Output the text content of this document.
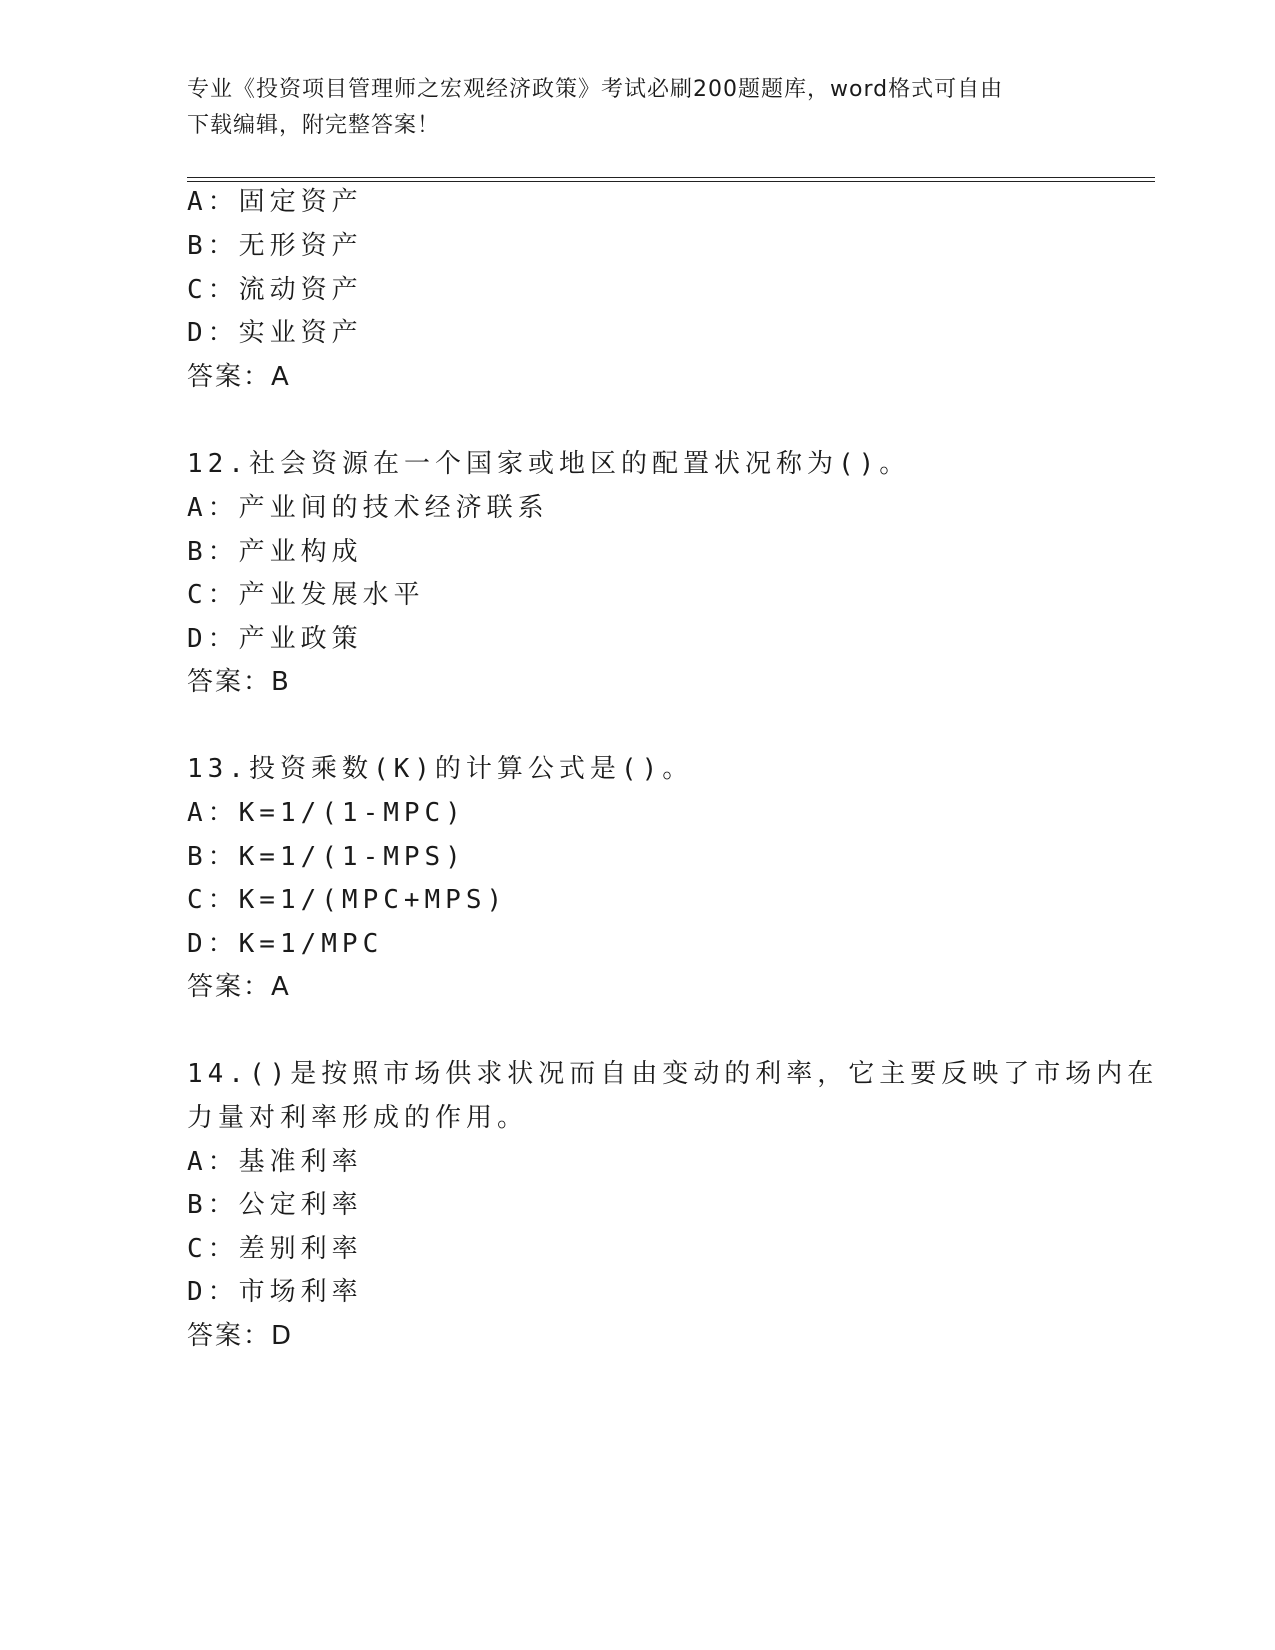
专业《投资项目管理师之宏观经济政策》考试必刷200题题库，word格式可自由
下载编辑，附完整答案！
A：固定资产
B：无形资产
C：流动资产
D：实业资产
答案：A
12.社会资源在一个国家或地区的配置状况称为()。
A：产业间的技术经济联系
B：产业构成
C：产业发展水平
D：产业政策
答案：B
13.投资乘数(K)的计算公式是()。
A：K=1/(1-MPC)
B：K=1/(1-MPS)
C：K=1/(MPC+MPS)
D：K=1/MPC
答案：A
14.()是按照市场供求状况而自由变动的利率，它主要反映了市场内在
力量对利率形成的作用。
A：基准利率
B：公定利率
C：差别利率
D：市场利率
答案：D
